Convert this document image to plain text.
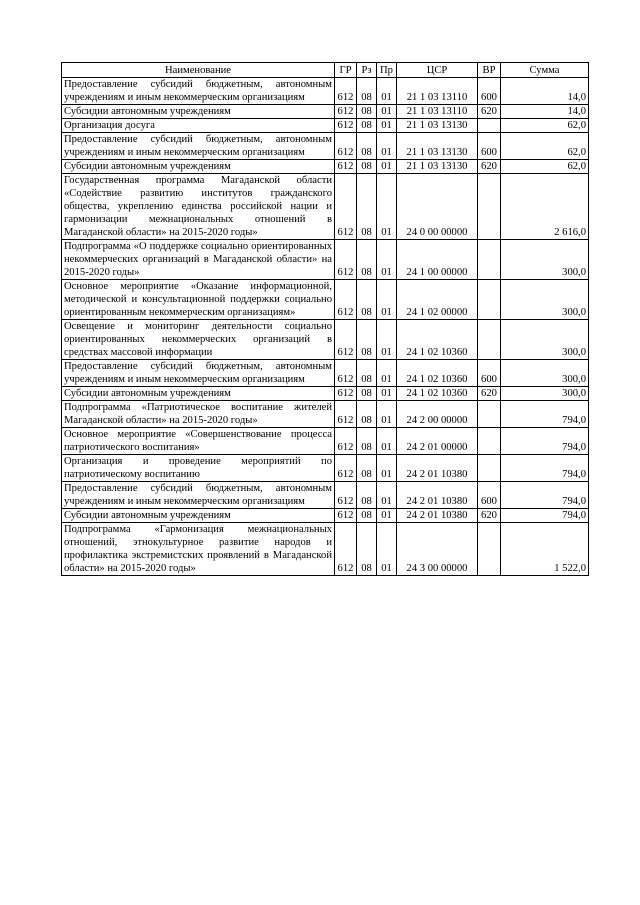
Наименование	ГР	Рз	Пр	ЦСР	ВР	Сумма
Предоставление субсидий бюджетным, автономным учреждениям и иным некоммерческим организациям	612	08	01	21 1 03 13110	600	14,0
Субсидии автономным учреждениям	612	08	01	21 1 03 13110	620	14,0
Организация досуга	612	08	01	21 1 03 13130		62,0
Предоставление субсидий бюджетным, автономным учреждениям и иным некоммерческим организациям	612	08	01	21 1 03 13130	600	62,0
Субсидии автономным учреждениям	612	08	01	21 1 03 13130	620	62,0
Государственная программа Магаданской области «Содействие развитию институтов гражданского общества, укреплению единства российской нации и гармонизации межнациональных отношений в Магаданской области» на 2015-2020 годы»	612	08	01	24 0 00 00000		2 616,0
Подпрограмма «О поддержке социально ориентированных некоммерческих организаций в Магаданской области» на 2015-2020 годы»	612	08	01	24 1 00 00000		300,0
Основное мероприятие «Оказание информационной, методической и консультационной поддержки социально ориентированным некоммерческим организациям»	612	08	01	24 1 02 00000		300,0
Освещение и мониторинг деятельности социально ориентированных некоммерческих организаций в средствах массовой информации	612	08	01	24 1 02 10360		300,0
Предоставление субсидий бюджетным, автономным учреждениям и иным некоммерческим организациям	612	08	01	24 1 02 10360	600	300,0
Субсидии автономным учреждениям	612	08	01	24 1 02 10360	620	300,0
Подпрограмма «Патриотическое воспитание жителей Магаданской области» на 2015-2020 годы»	612	08	01	24 2 00 00000		794,0
Основное мероприятие «Совершенствование процесса патриотического воспитания»	612	08	01	24 2 01 00000		794,0
Организация и проведение мероприятий по патриотическому воспитанию	612	08	01	24 2 01 10380		794,0
Предоставление субсидий бюджетным, автономным учреждениям и иным некоммерческим организациям	612	08	01	24 2 01 10380	600	794,0
Субсидии автономным учреждениям	612	08	01	24 2 01 10380	620	794,0
Подпрограмма «Гармонизация межнациональных отношений, этнокультурное развитие народов и профилактика экстремистских проявлений в Магаданской области» на 2015-2020 годы»	612	08	01	24 3 00 00000		1 522,0
